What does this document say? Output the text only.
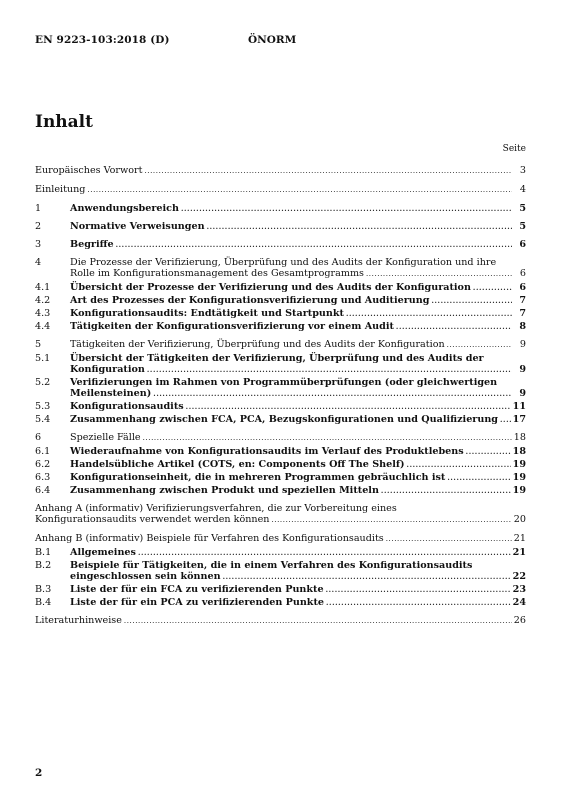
EN 9223-103:2018 (D)	ÖNORM
Inhalt
Seite
Europäisches Vorwort .....	3
Einleitung .....	4
1	Anwendungsbereich .....	5
2	Normative Verweisungen .....	5
3	Begriffe .....	6
4	Die Prozesse der Verifizierung, Überprüfung und des Audits der Konfiguration und ihre
Rolle im Konfigurationsmanagement des Gesamtprogramms .....	6
4.1 Übersicht der Prozesse der Verifizierung und des Audits der Konfiguration .....	6
4.2 Art des Prozesses der Konfigurationsverifizierung und Auditierung .....	7
4.3 Konfigurationsaudits: Endtätigkeit und Startpunkt .....	7
4.4 Tätigkeiten der Konfigurationsverifizierung vor einem Audit .....	8
5	Tätigkeiten der Verifizierung, Überprüfung und des Audits der Konfiguration .....	9
5.1 Übersicht der Tätigkeiten der Verifizierung, Überprüfung und des Audits der
Konfiguration .....	9
5.2 Verifizierungen im Rahmen von Programmüberprüfungen (oder gleichwertigen
Meilensteinen) .....	9
5.3 Konfigurationsaudits .....	11
5.4 Zusammenhang zwischen FCA, PCA, Bezugskonfigurationen und Qualifizierung ..... 17
6	Spezielle Fälle .....	18
6.1 Wiederaufnahme von Konfigurationsaudits im Verlauf des Produktlebens .....	18
6.2 Handelsübliche Artikel (COTS, en: Components Off The Shelf) .....	19
6.3 Konfigurationseinheit, die in mehreren Programmen gebräuchlich ist .....	19
6.4 Zusammenhang zwischen Produkt und speziellen Mitteln .....	19
Anhang A (informativ) Verifizierungsverfahren, die zur Vorbereitung eines
Konfigurationsaudits verwendet werden können .....	20
Anhang B (informativ) Beispiele für Verfahren des Konfigurationsaudits .....	21
B.1 Allgemeines .....	21
B.2 Beispiele für Tätigkeiten, die in einem Verfahren des Konfigurationsaudits
eingeschlossen sein können .....	22
B.3 Liste der für ein FCA zu verifizierenden Punkte .....	23
B.4 Liste der für ein PCA zu verifizierenden Punkte .....	24
Literaturhinweise .....	26
2
